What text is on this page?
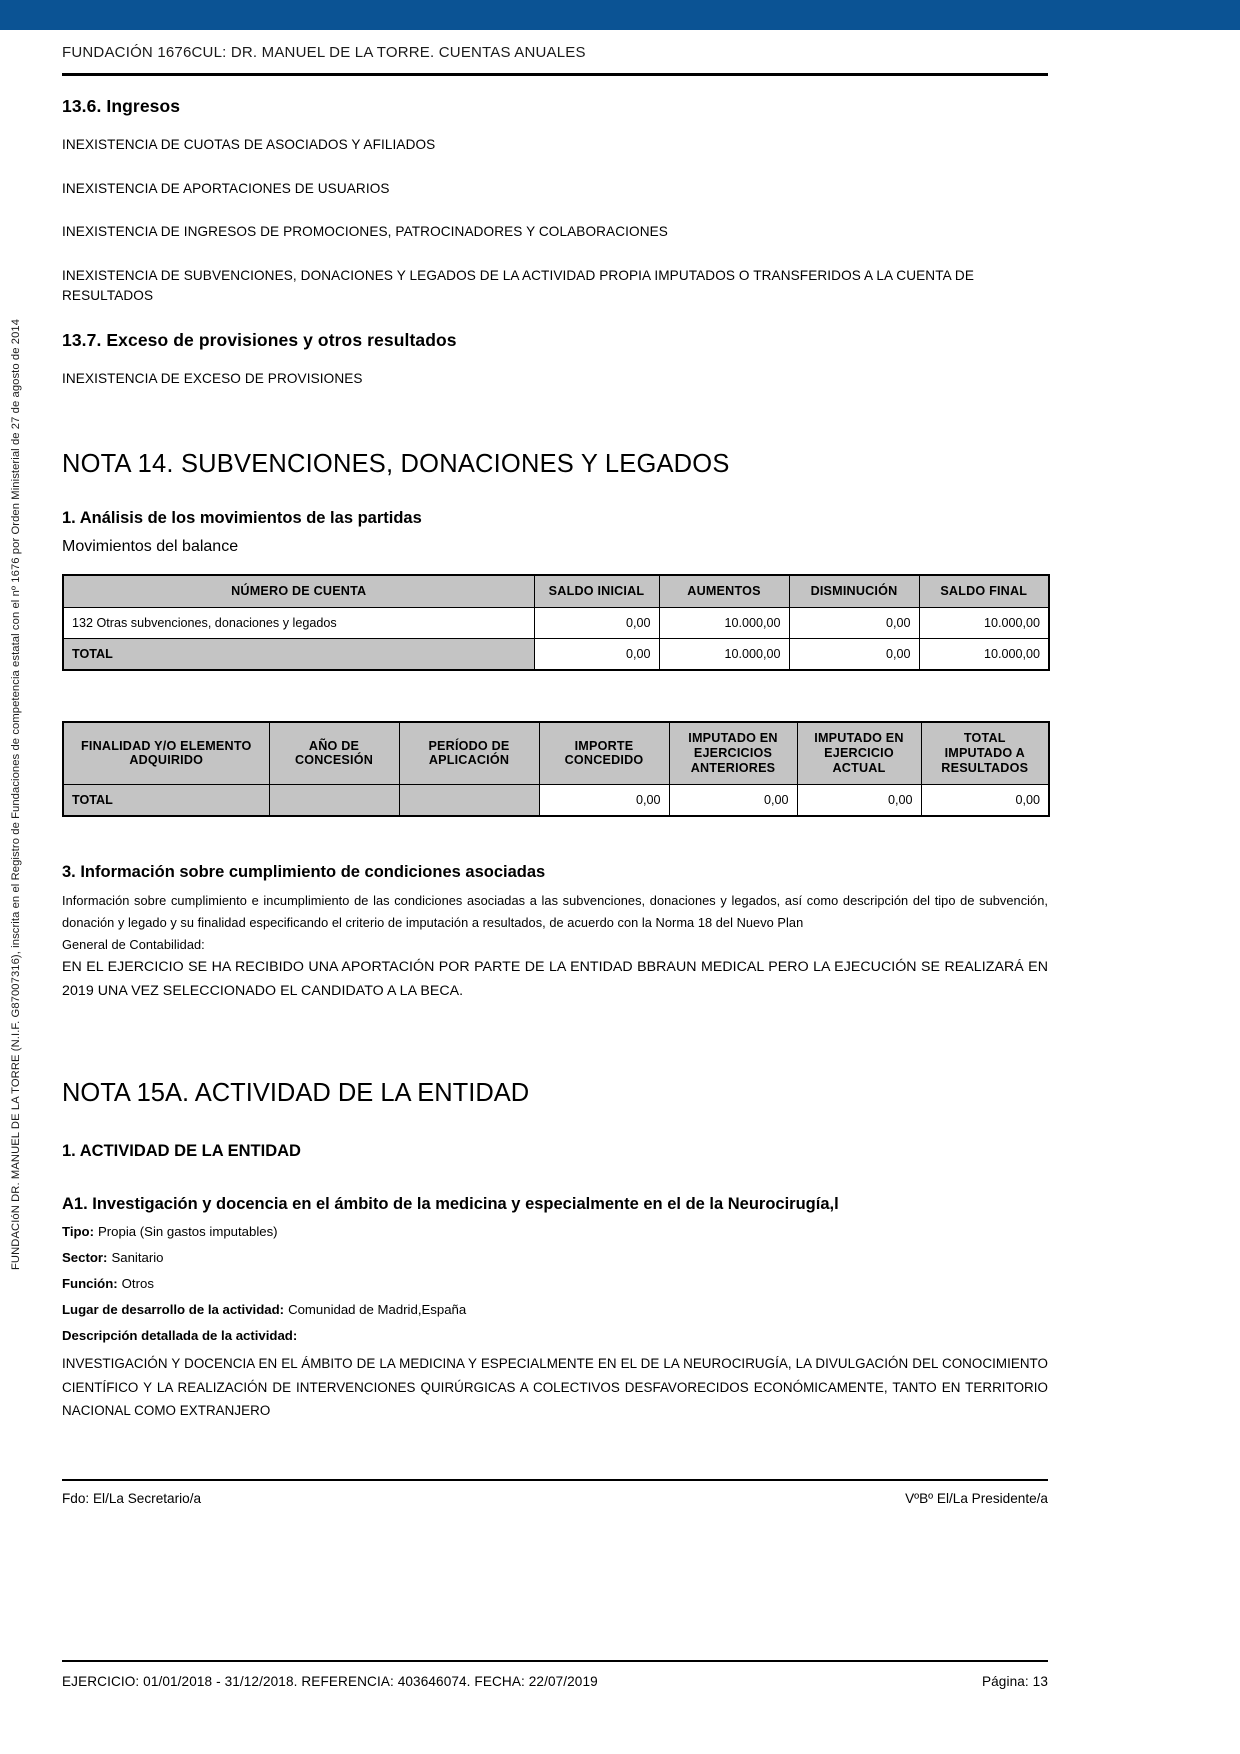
FUNDACIóN DR. MANUEL DE LA TORRE (N.I.F. G87007316), inscrita en el Registro de Fundaciones de competencia estatal con el nº 1676 por Orden Ministerial de 27 de agosto de 2014
FUNDACIÓN 1676CUL: DR. MANUEL DE LA TORRE. CUENTAS ANUALES
13.6. Ingresos

INEXISTENCIA DE CUOTAS DE ASOCIADOS Y AFILIADOS

INEXISTENCIA DE APORTACIONES DE USUARIOS

INEXISTENCIA DE INGRESOS DE PROMOCIONES, PATROCINADORES Y COLABORACIONES

INEXISTENCIA DE SUBVENCIONES, DONACIONES Y LEGADOS DE LA ACTIVIDAD PROPIA IMPUTADOS O TRANSFERIDOS A LA CUENTA DE RESULTADOS

13.7. Exceso de provisiones y otros resultados

INEXISTENCIA DE EXCESO DE PROVISIONES

NOTA 14. SUBVENCIONES, DONACIONES Y LEGADOS
1. Análisis de los movimientos de las partidas
Movimientos del balance
NÚMERO DE CUENTA	SALDO INICIAL	AUMENTOS	DISMINUCIÓN	SALDO FINAL
132 Otras subvenciones, donaciones y legados	0,00	10.000,00	0,00	10.000,00
TOTAL	0,00	10.000,00	0,00	10.000,00
FINALIDAD Y/O ELEMENTO ADQUIRIDO	AÑO DE CONCESIÓN	PERÍODO DE APLICACIÓN	IMPORTE CONCEDIDO	IMPUTADO EN EJERCICIOS ANTERIORES	IMPUTADO EN EJERCICIO ACTUAL	TOTAL IMPUTADO A RESULTADOS
TOTAL			0,00	0,00	0,00	0,00
3. Información sobre cumplimiento de condiciones asociadas

Información sobre cumplimiento e incumplimiento de las condiciones asociadas a las subvenciones, donaciones y legados, así como descripción del tipo de subvención, donación y legado y su finalidad especificando el criterio de imputación a resultados, de acuerdo con la Norma 18 del Nuevo Plan

General de Contabilidad:

EN EL EJERCICIO SE HA RECIBIDO UNA APORTACIÓN POR PARTE DE LA ENTIDAD BBRAUN MEDICAL PERO LA EJECUCIÓN SE REALIZARÁ EN 2019 UNA VEZ SELECCIONADO EL CANDIDATO A LA BECA.

NOTA 15A. ACTIVIDAD DE LA ENTIDAD
1. ACTIVIDAD DE LA ENTIDAD
A1. Investigación y docencia en el ámbito de la medicina y especialmente en el de la Neurocirugía,l
Tipo: Propia (Sin gastos imputables)
Sector: Sanitario
Función: Otros
Lugar de desarrollo de la actividad: Comunidad de Madrid,España
Descripción detallada de la actividad:

INVESTIGACIÓN Y DOCENCIA EN EL ÁMBITO DE LA MEDICINA Y ESPECIALMENTE EN EL DE LA NEUROCIRUGÍA, LA DIVULGACIÓN DEL CONOCIMIENTO CIENTÍFICO Y LA REALIZACIÓN DE INTERVENCIONES QUIRÚRGICAS A COLECTIVOS DESFAVORECIDOS ECONÓMICAMENTE, TANTO EN TERRITORIO NACIONAL COMO EXTRANJERO

Fdo: El/La Secretario/a	VºBº El/La Presidente/a
EJERCICIO: 01/01/2018 - 31/12/2018. REFERENCIA: 403646074. FECHA: 22/07/2019	Página: 13
